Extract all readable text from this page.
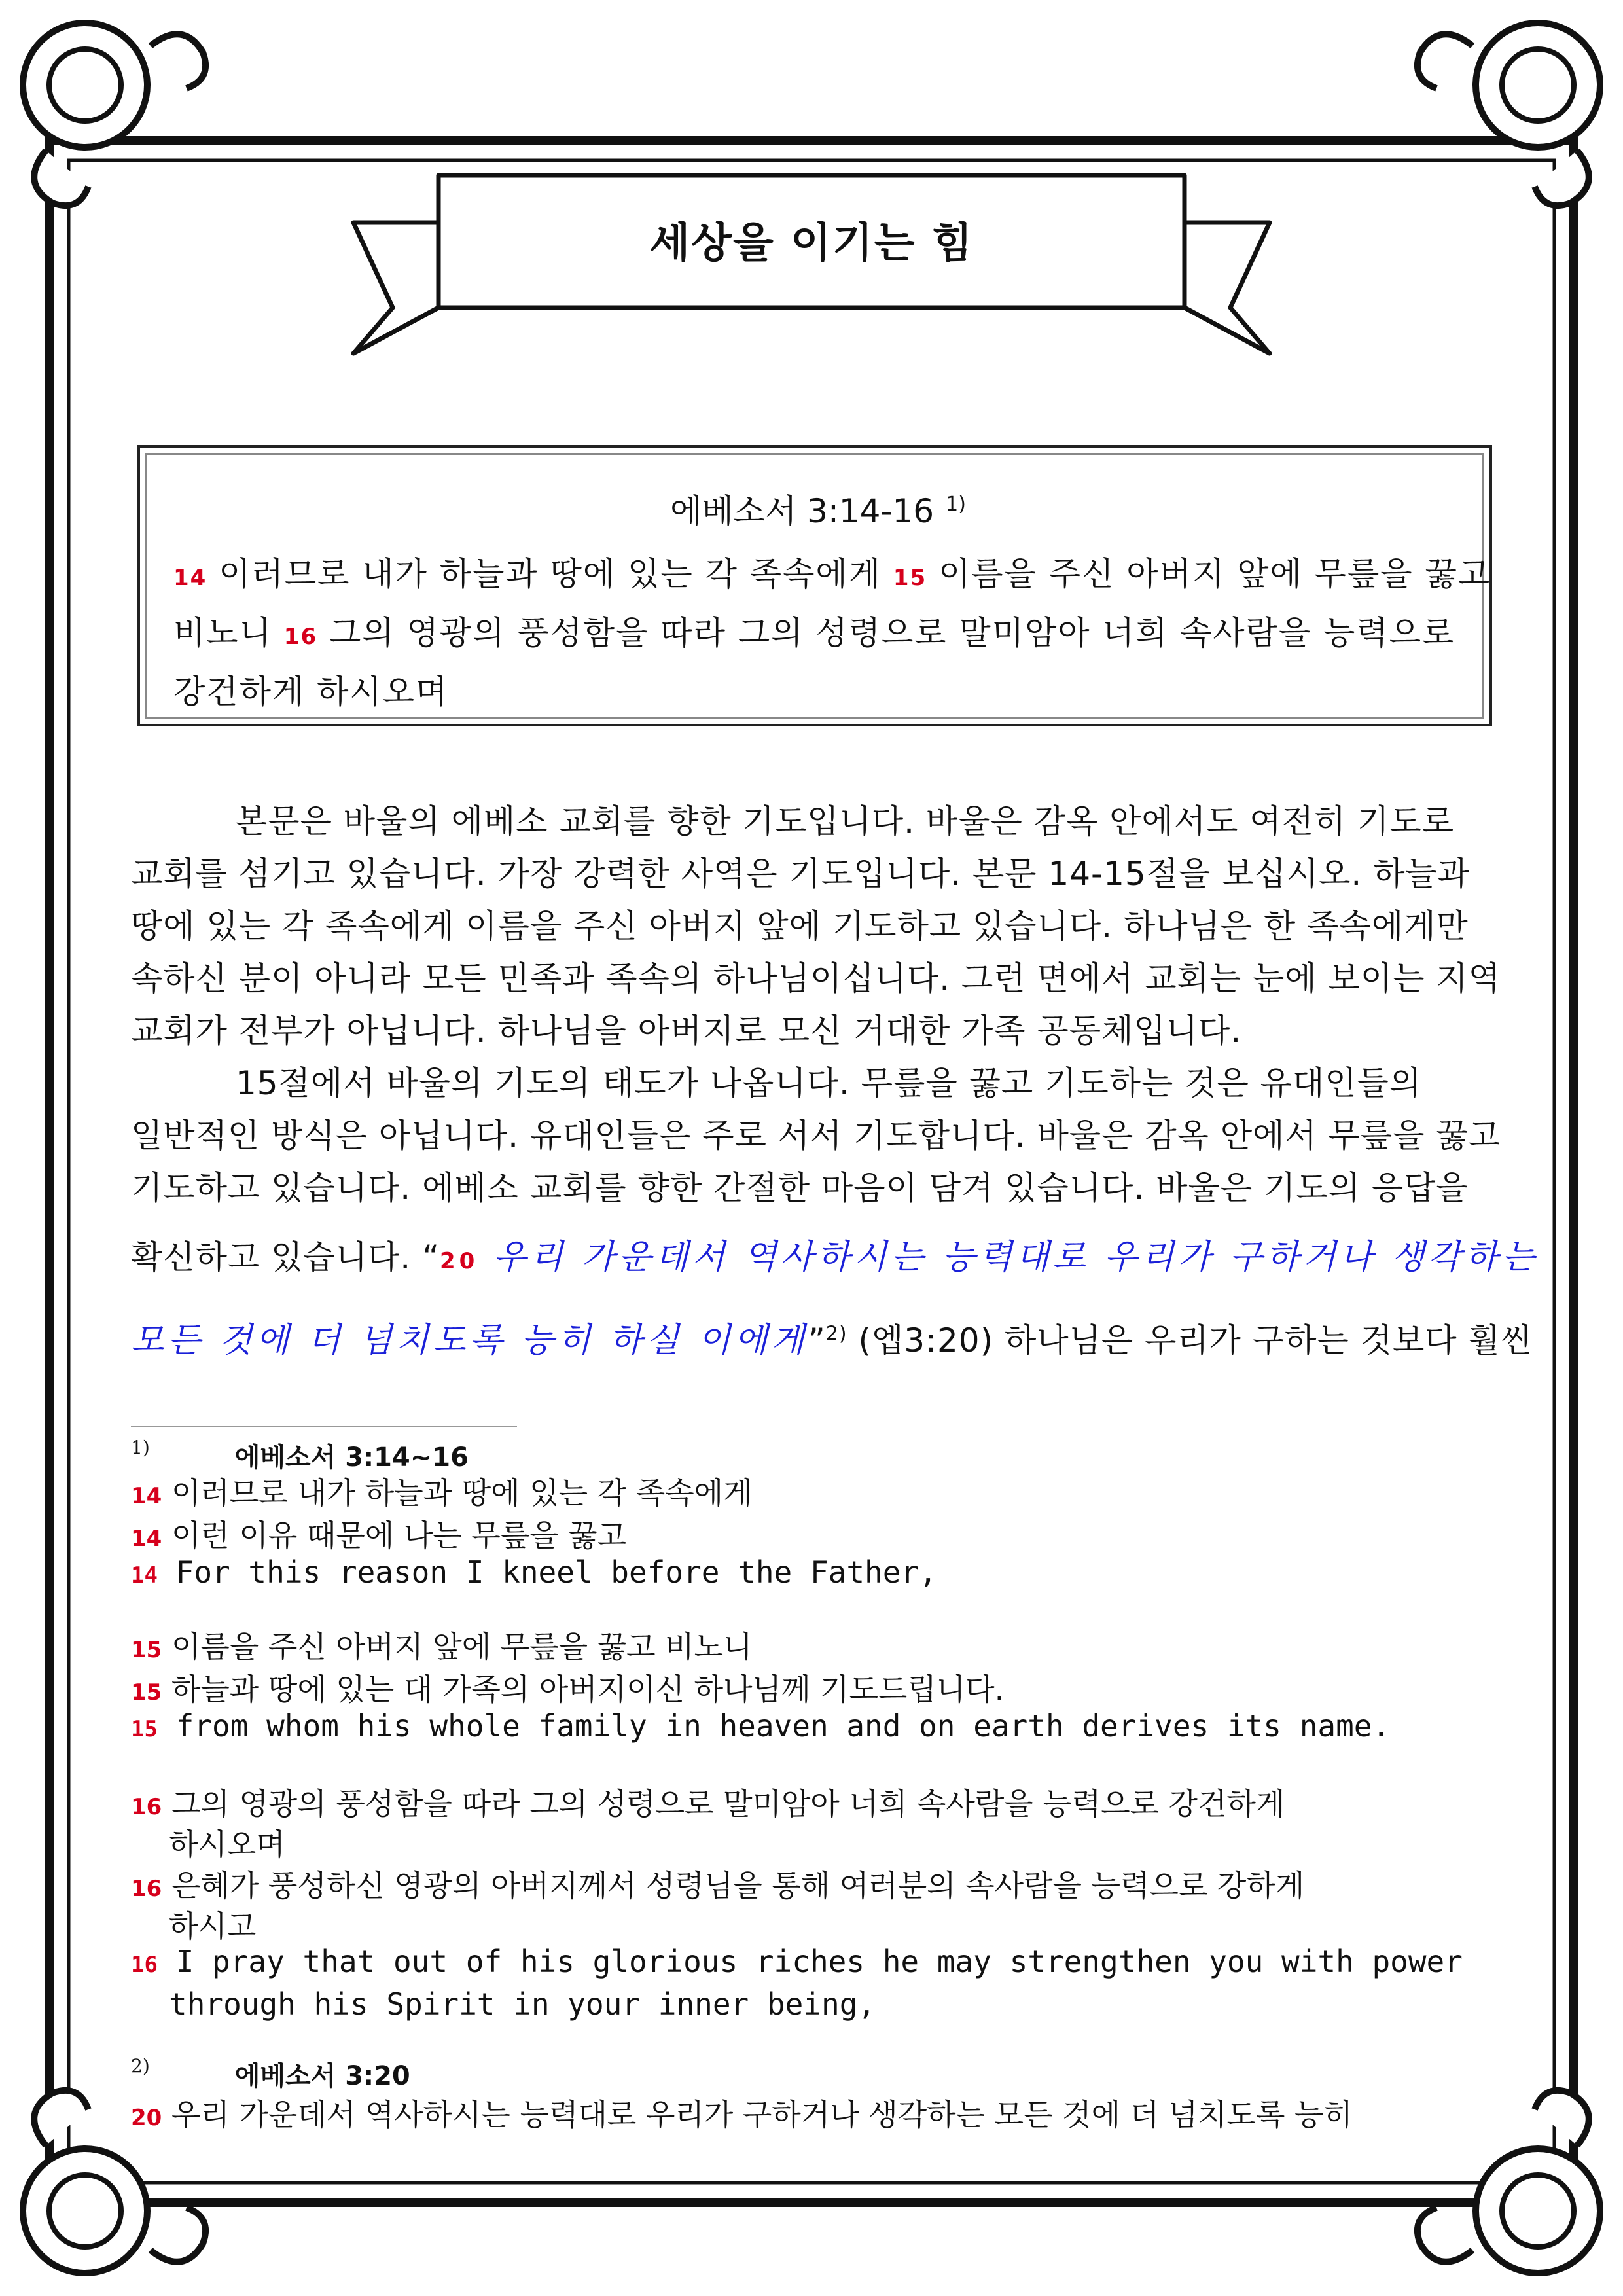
세상을 이기는 힘
에베소서 3:14-16 $^{1)}$
14 이러므로 내가 하늘과 땅에 있는 각 족속에게 15 이름을 주신 아버지 앞에 무릎을 꿇고
비노니 16 그의 영광의 풍성함을 따라 그의 성령으로 말미암아 너희 속사람을 능력으로
강건하게 하시오며
본문은 바울의 에베소 교회를 향한 기도입니다. 바울은 감옥 안에서도 여전히 기도로
교회를 섬기고 있습니다. 가장 강력한 사역은 기도입니다. 본문 14-15절을 보십시오. 하늘과
땅에 있는 각 족속에게 이름을 주신 아버지 앞에 기도하고 있습니다. 하나님은 한 족속에게만
속하신 분이 아니라 모든 민족과 족속의 하나님이십니다. 그런 면에서 교회는 눈에 보이는 지역
교회가 전부가 아닙니다. 하나님을 아버지로 모신 거대한 가족 공동체입니다.
15절에서 바울의 기도의 태도가 나옵니다. 무릎을 꿇고 기도하는 것은 유대인들의
일반적인 방식은 아닙니다. 유대인들은 주로 서서 기도합니다. 바울은 감옥 안에서 무릎을 꿇고
기도하고 있습니다. 에베소 교회를 향한 간절한 마음이 담겨 있습니다. 바울은 기도의 응답을
확신하고 있습니다. “20 우리 가운데서 역사하시는 능력대로 우리가 구하거나 생각하는
모든 것에 더 넘치도록 능히 하실 이에게”$^{2)}$ (엡3:20) 하나님은 우리가 구하는 것보다 훨씬
$^{1)}$	에베소서 3:14~16
14 이러므로 내가 하늘과 땅에 있는 각 족속에게
14 이런 이유 때문에 나는 무릎을 꿇고
14 For this reason I kneel before the Father,
15 이름을 주신 아버지 앞에 무릎을 꿇고 비노니
15 하늘과 땅에 있는 대 가족의 아버지이신 하나님께 기도드립니다.
15 from whom his whole family in heaven and on earth derives its name.
16 그의 영광의 풍성함을 따라 그의 성령으로 말미암아 너희 속사람을 능력으로 강건하게
하시오며
16 은혜가 풍성하신 영광의 아버지께서 성령님을 통해 여러분의 속사람을 능력으로 강하게
하시고
16 I pray that out of his glorious riches he may strengthen you with power
through his Spirit in your inner being,
$^{2)}$	에베소서 3:20
20 우리 가운데서 역사하시는 능력대로 우리가 구하거나 생각하는 모든 것에 더 넘치도록 능히
